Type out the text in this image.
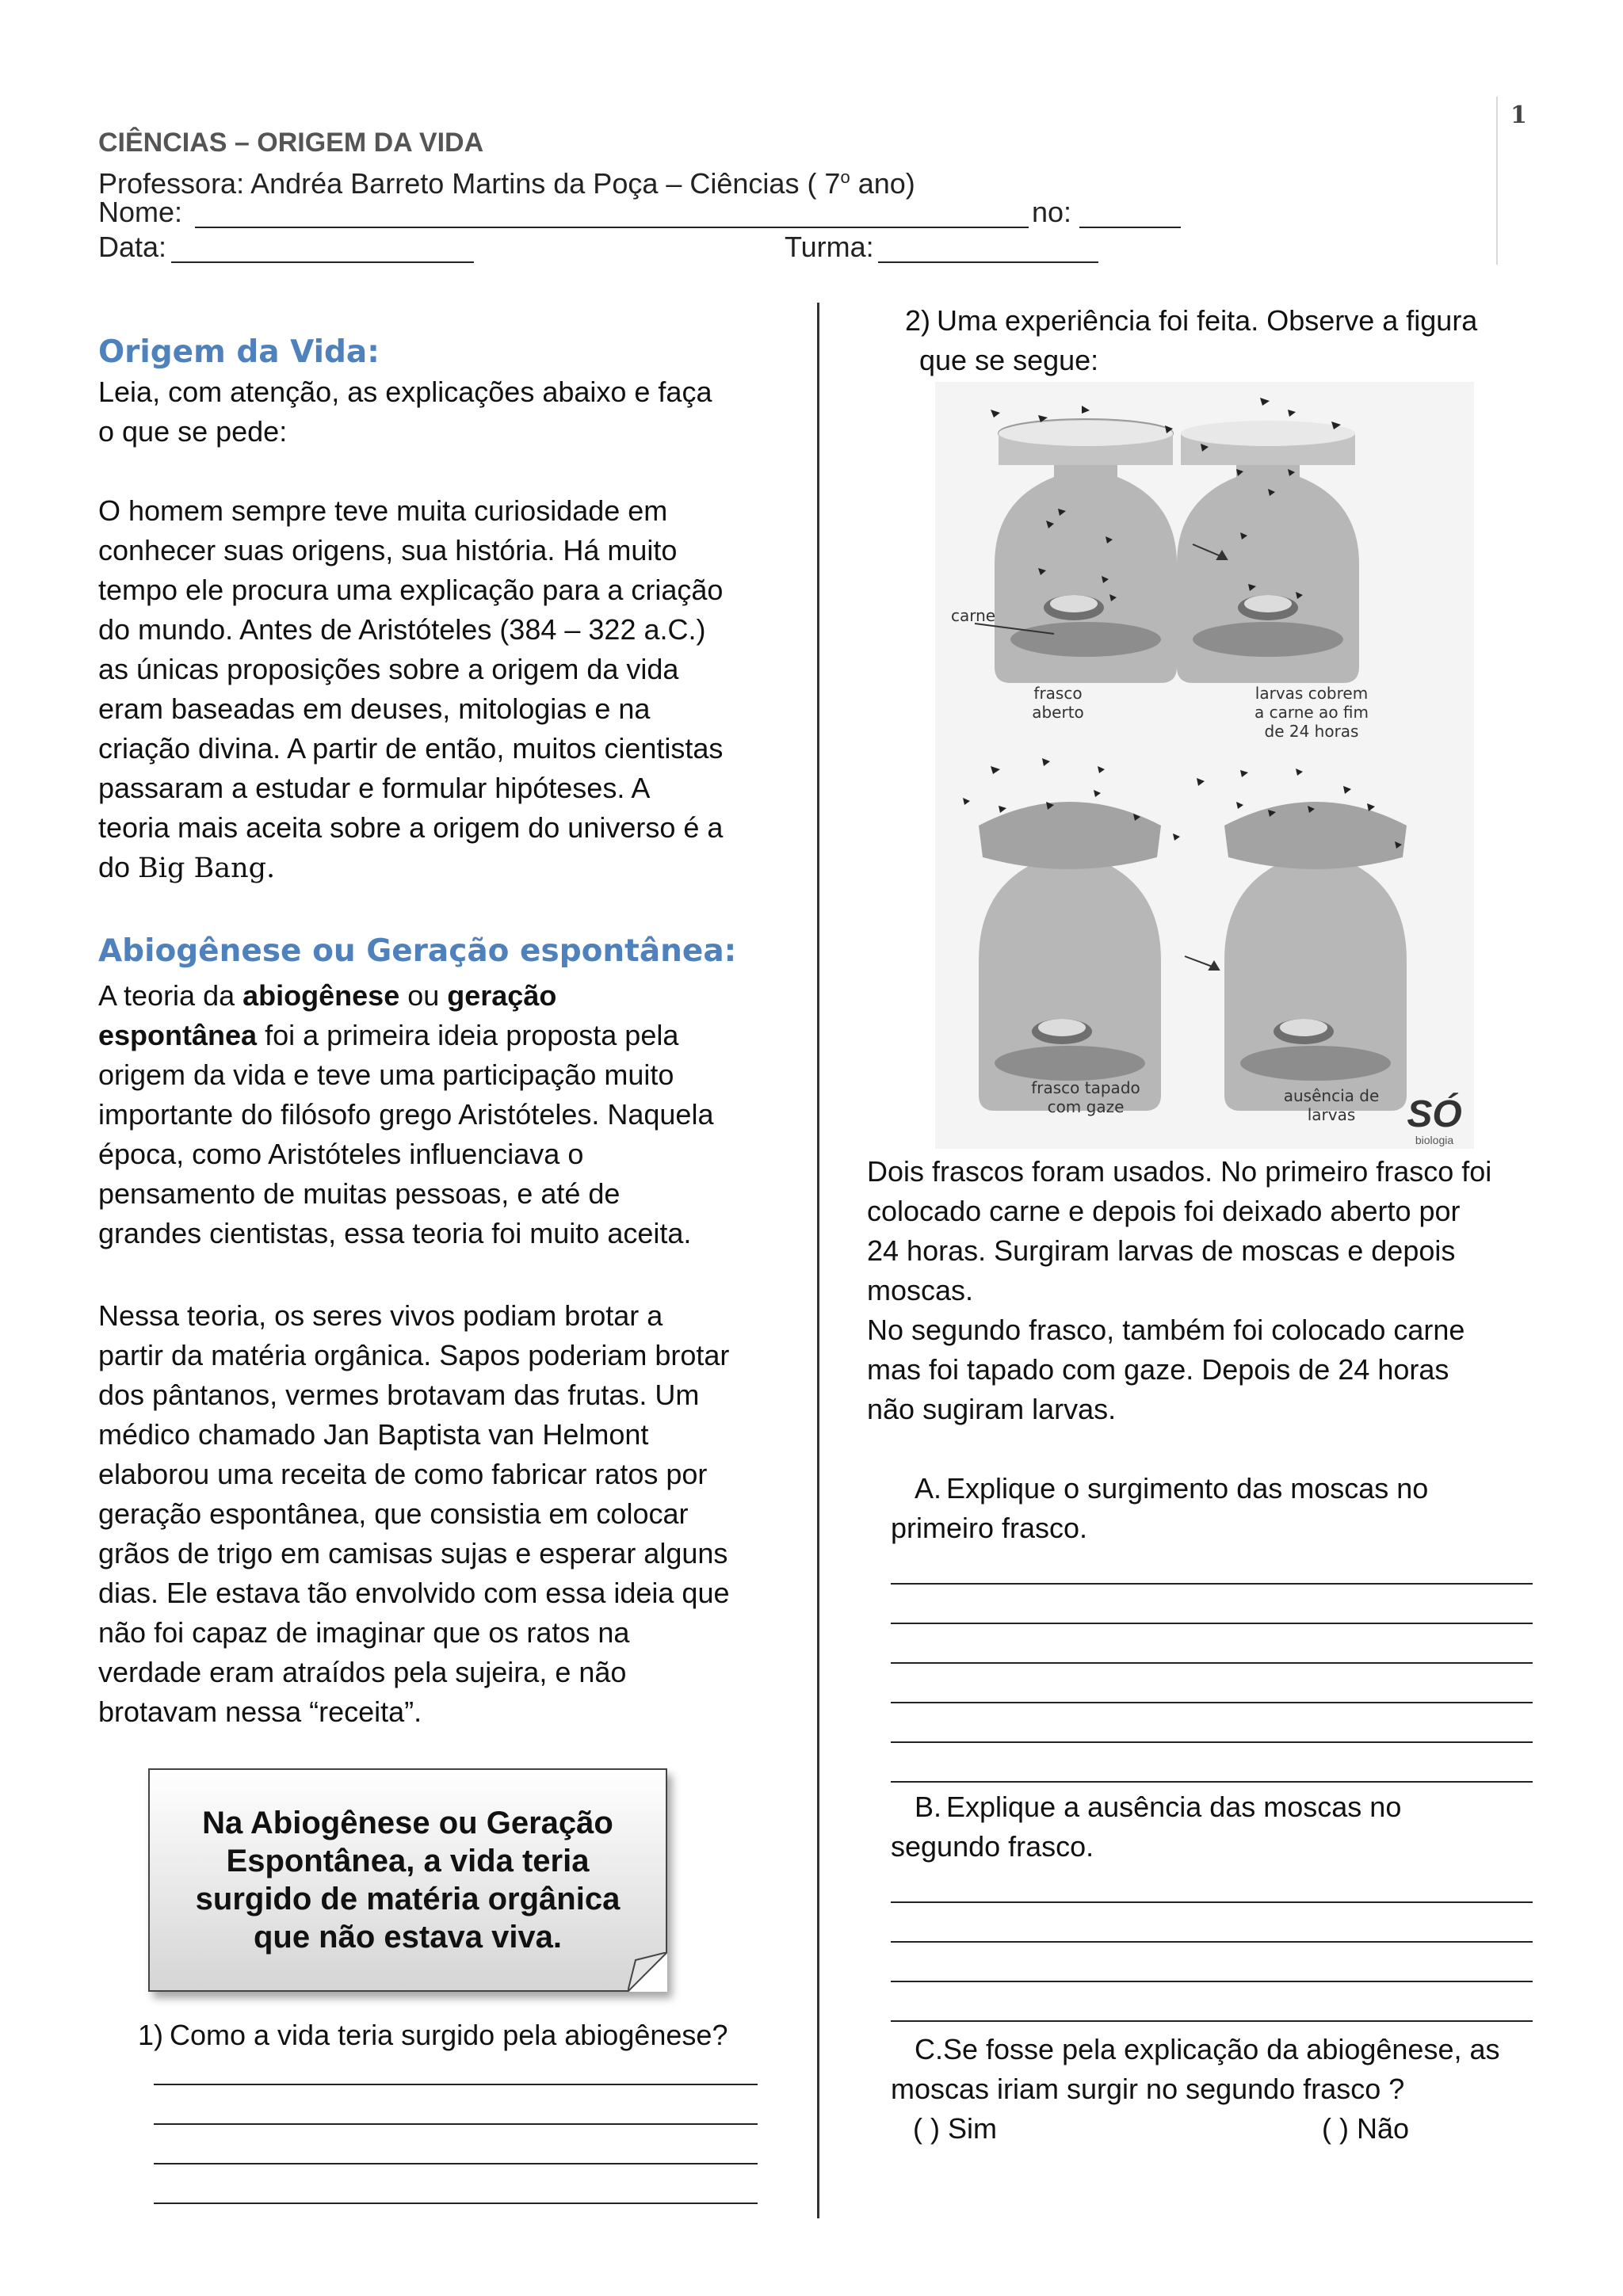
1
CIÊNCIAS – ORIGEM DA VIDA
Professora: Andréa Barreto Martins da Poça – Ciências ( 7$^o$ ano)
Nome:	no:
Data:	Turma:
Origem da Vida:
Leia, com atenção, as explicações abaixo e faça
o que se pede:
O homem sempre teve muita curiosidade em
conhecer suas origens, sua história. Há muito
tempo ele procura uma explicação para a criação
do mundo. Antes de Aristóteles (384 – 322 a.C.)
as únicas proposições sobre a origem da vida
eram baseadas em deuses, mitologias e na
criação divina. A partir de então, muitos cientistas
passaram a estudar e formular hipóteses. A
teoria mais aceita sobre a origem do universo é a
do Big Bang.
Abiogênese ou Geração espontânea:
A teoria da abiogênese ou geração
espontânea foi a primeira ideia proposta pela
origem da vida e teve uma participação muito
importante do filósofo grego Aristóteles. Naquela
época, como Aristóteles influenciava o
pensamento de muitas pessoas, e até de
grandes cientistas, essa teoria foi muito aceita.
Nessa teoria, os seres vivos podiam brotar a
partir da matéria orgânica. Sapos poderiam brotar
dos pântanos, vermes brotavam das frutas. Um
médico chamado Jan Baptista van Helmont
elaborou uma receita de como fabricar ratos por
geração espontânea, que consistia em colocar
grãos de trigo em camisas sujas e esperar alguns
dias. Ele estava tão envolvido com essa ideia que
não foi capaz de imaginar que os ratos na
verdade eram atraídos pela sujeira, e não
brotavam nessa “receita”.
Na Abiogênese ou Geração Espontânea, a vida teria surgido de matéria orgânica que não estava viva.
1) Como a vida teria surgido pela abiogênese?
2) Uma experiência foi feita. Observe a figura
que se segue:
carne
frasco
aberto
larvas cobrem
a carne ao fim
de 24 horas
frasco tapado
com gaze
ausência de
larvas SÓ
biologia
Dois frascos foram usados. No primeiro frasco foi
colocado carne e depois foi deixado aberto por
24 horas. Surgiram larvas de moscas e depois
moscas.
No segundo frasco, também foi colocado carne
mas foi tapado com gaze. Depois de 24 horas
não sugiram larvas.
A. Explique o surgimento das moscas no
primeiro frasco.
B. Explique a ausência das moscas no
segundo frasco.
C.Se fosse pela explicação da abiogênese, as
moscas iriam surgir no segundo frasco ?
( ) Sim	( ) Não
